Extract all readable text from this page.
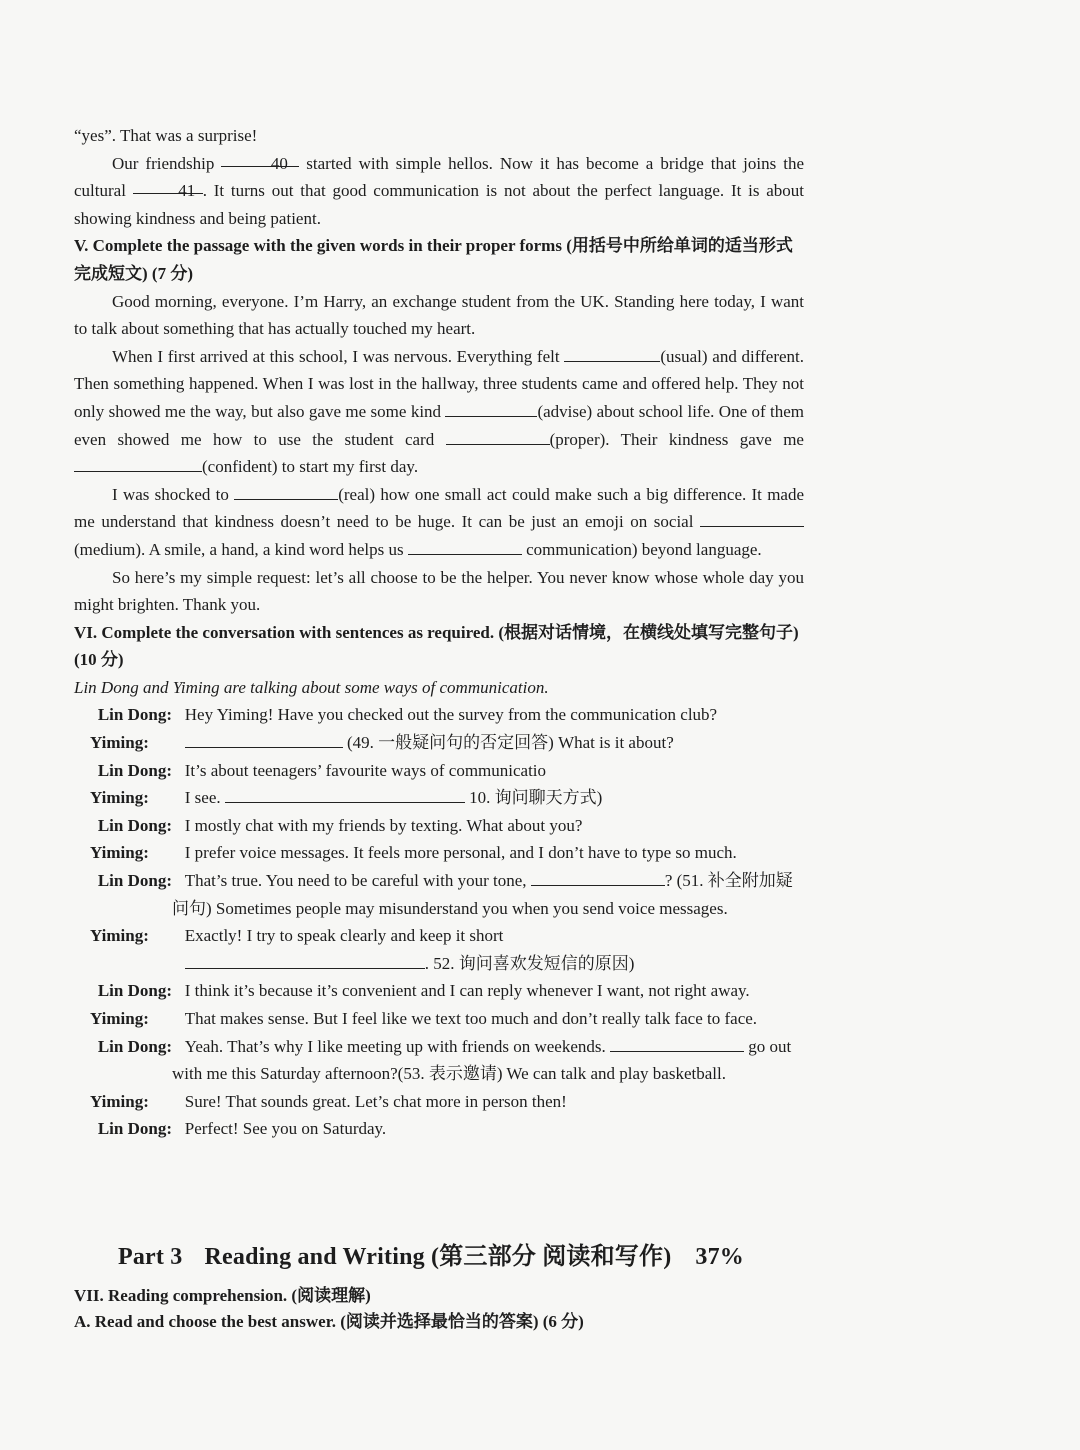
“yes”. That was a surprise!

Our friendship	40 started with simple hellos. Now it has become a bridge that joins the cultural	41 . It turns out that good communication is not about the perfect language. It is about showing kindness and being patient.

V. Complete the passage with the given words in their proper forms (用括号中所给单词的适当形式完成短文) (7 分)

Good morning, everyone. I’m Harry, an exchange student from the UK. Standing here today, I want to talk about something that has actually touched my heart.

When I first arrived at this school, I was nervous. Everything felt	(usual) and different. Then something happened. When I was lost in the hallway, three students came and offered help. They not only showed me the way, but also gave me some kind	(advise) about school life. One of them even showed me how to use the student card	(proper). Their kindness gave me (confident) to start my first day.

I was shocked to	(real) how one small act could make such a big difference. It made me understand that kindness doesn’t need to be huge. It can be just an emoji on social (medium). A smile, a hand, a kind word helps us	communication) beyond language.

So here’s my simple request: let’s all choose to be the helper. You never know whose whole day you might brighten. Thank you.

VI. Complete the conversation with sentences as required. (根据对话情境，在横线处填写完整句子) (10 分)

Lin Dong and Yiming are talking about some ways of communication.

Lin Dong: Hey Yiming! Have you checked out the survey from the communication club?
Yiming:	(49. 一般疑问句的否定回答) What is it about?
Lin Dong: It’s about teenagers’ favourite ways of communicatio
Yiming:	I see.	10. 询问聊天方式)
Lin Dong: I mostly chat with my friends by texting. What about you?
Yiming:	I prefer voice messages. It feels more personal, and I don’t have to type so much.
Lin Dong: That’s true. You need to be careful with your tone,	? (51. 补全附加疑问句) Sometimes people may misunderstand you when you send voice messages.
Yiming:	Exactly! I try to speak clearly and keep it short
. 52. 询问喜欢发短信的原因)
Lin Dong: I think it’s because it’s convenient and I can reply whenever I want, not right away.
Yiming:	That makes sense. But I feel like we text too much and don’t really talk face to face.
Lin Dong: Yeah. That’s why I like meeting up with friends on weekends.	go out with me this Saturday afternoon?(53. 表示邀请) We can talk and play basketball.
Yiming:	Sure! That sounds great. Let’s chat more in person then!
Lin Dong: Perfect! See you on Saturday.
Part 3 Reading and Writing (第三部分 阅读和写作) 37%
VII. Reading comprehension. (阅读理解)
A. Read and choose the best answer. (阅读并选择最恰当的答案) (6 分)
